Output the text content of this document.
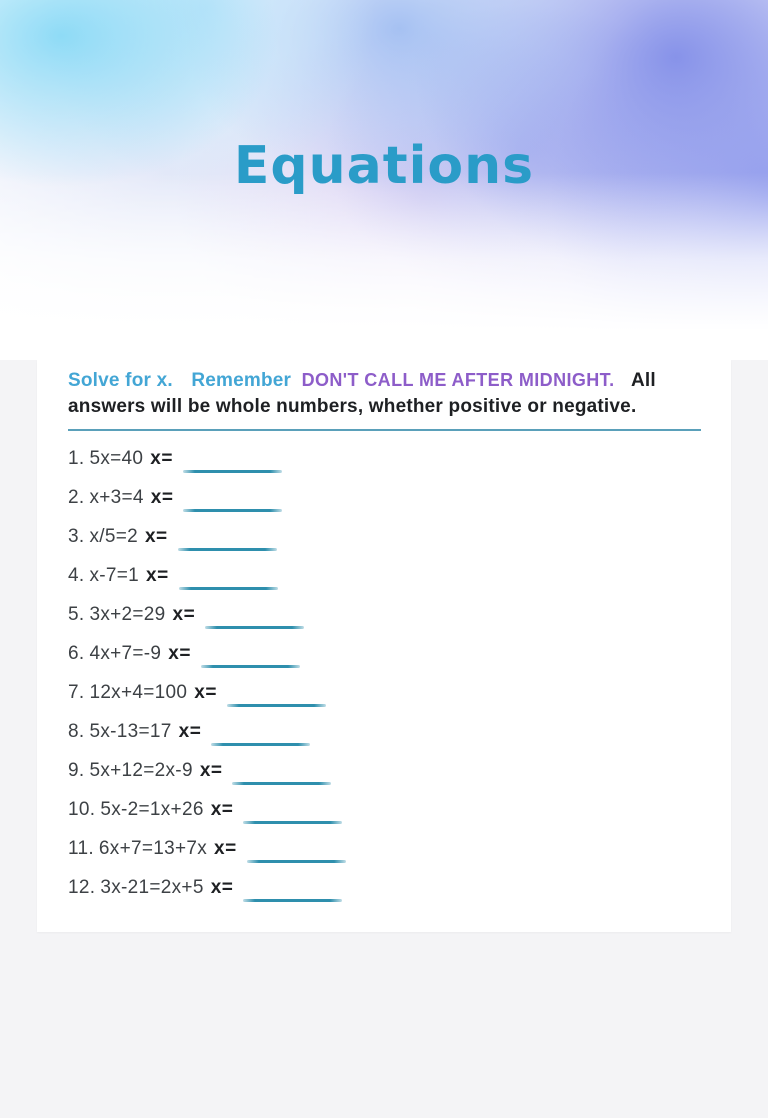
Equations

Solve for x. Remember DON'T CALL ME AFTER MIDNIGHT. All answers will be whole numbers, whether positive or negative.

1. 5x=40 x=
2. x+3=4 x=
3. x/5=2 x=
4. x-7=1 x=
5. 3x+2=29 x=
6. 4x+7=-9 x=
7. 12x+4=100 x=
8. 5x-13=17 x=
9. 5x+12=2x-9 x=
10. 5x-2=1x+26 x=
11. 6x+7=13+7x x=
12. 3x-21=2x+5 x=
